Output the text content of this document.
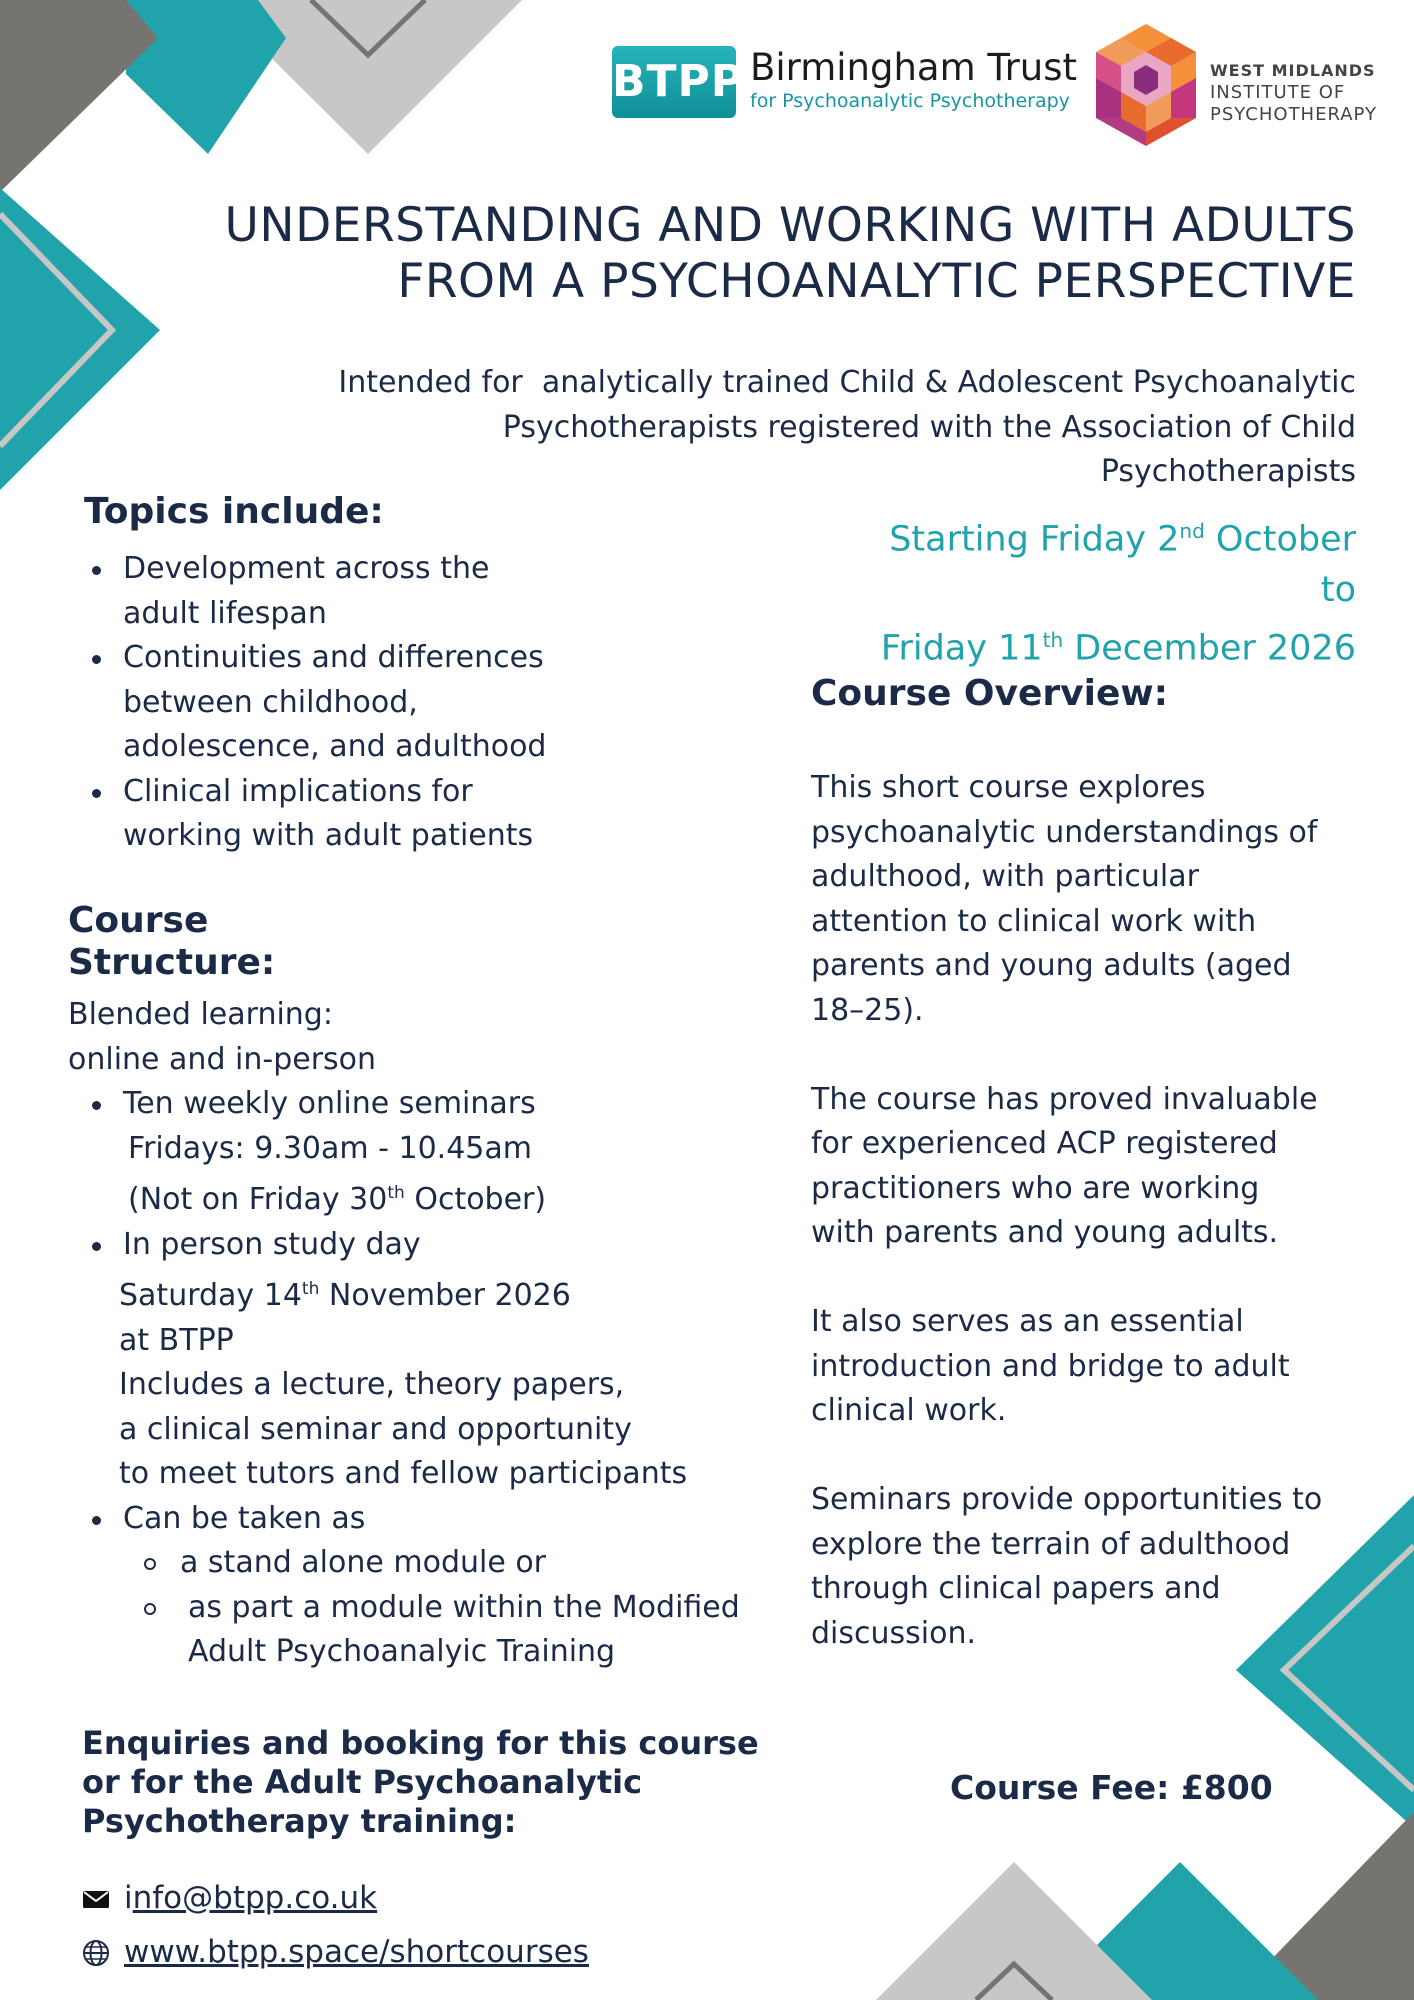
BTPP Birmingham Trust
for Psychoanalytic Psychotherapy
WEST MIDLANDS
INSTITUTE OF
PSYCHOTHERAPY
UNDERSTANDING AND WORKING WITH ADULTS
FROM A PSYCHOANALYTIC PERSPECTIVE
Intended for  analytically trained Child & Adolescent Psychoanalytic
Psychotherapists registered with the Association of Child
Psychotherapists
Starting Friday 2nd October
to
Friday 11th December 2026
Topics include:
Development across the
adult lifespan
Continuities and differences
between childhood,
adolescence, and adulthood
Clinical implications for
working with adult patients
Course
Structure:
Blended learning:
online and in-person
Ten weekly online seminars
Fridays: 9.30am - 10.45am
(Not on Friday 30th October)
In person study day
Saturday 14th November 2026
at BTPP
Includes a lecture, theory papers,
a clinical seminar and opportunity
to meet tutors and fellow participants
Can be taken as
a stand alone module or
as part a module within the Modified
Adult Psychoanalyic Training
Course Overview:

This short course explores
psychoanalytic understandings of
adulthood, with particular
attention to clinical work with
parents and young adults (aged
18–25).

The course has proved invaluable
for experienced ACP registered
practitioners who are working
with parents and young adults.

It also serves as an essential
introduction and bridge to adult
clinical work.

Seminars provide opportunities to
explore the terrain of adulthood
through clinical papers and
discussion.

Enquiries and booking for this course
or for the Adult Psychoanalytic
Psychotherapy training:
Course Fee: £800
info@btpp.co.uk
www.btpp.space/shortcourses
